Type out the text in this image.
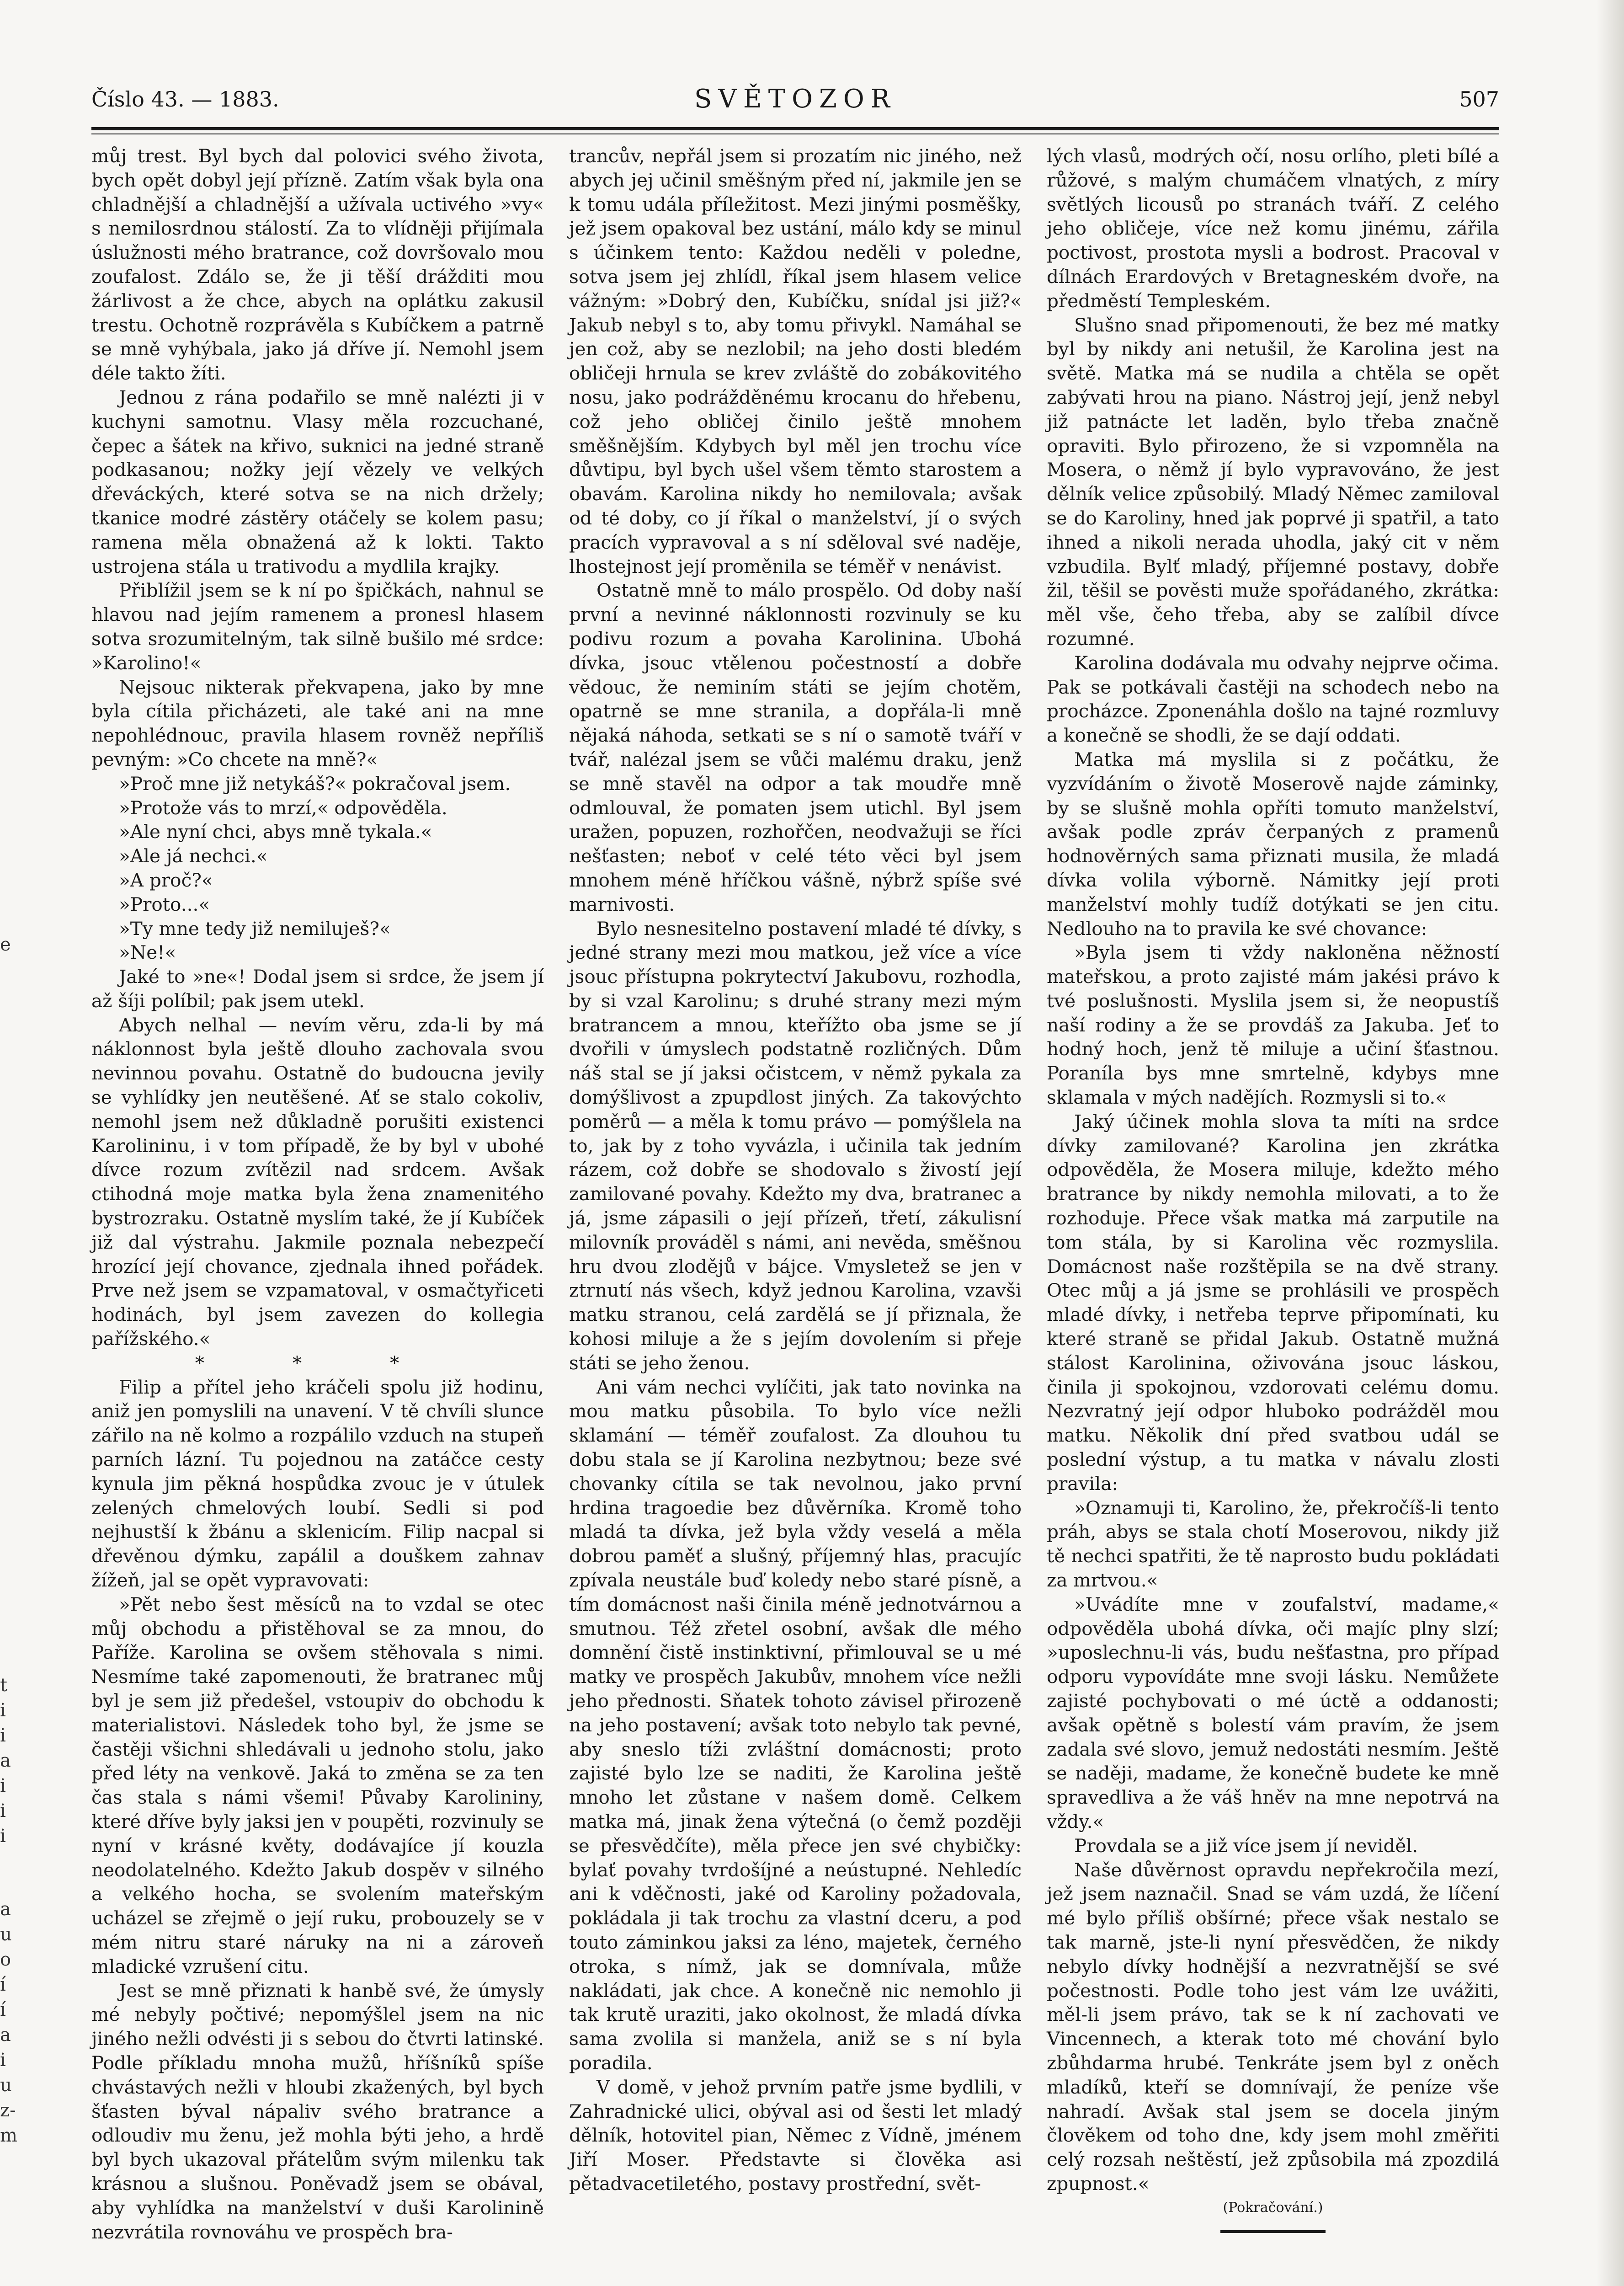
Číslo 43. — 1883.	SVĚTOZOR	507

můj trest. Byl bych dal polovici svého života, bych opět dobyl její přízně. Zatím však byla ona chladnější a chladnější a užívala uctivého »vy« s nemilosrdnou stálostí. Za to vlídněji přijímala úslužnosti mého bratrance, což dovršovalo mou zoufalost. Zdálo se, že ji těší drážditi mou žárlivost a že chce, abych na oplátku zakusil trestu. Ochotně rozprávěla s Kubíčkem a patrně se mně vyhýbala, jako já dříve jí. Nemohl jsem déle takto žíti.

Jednou z rána podařilo se mně nalézti ji v kuchyni samotnu. Vlasy měla rozcuchané, čepec a šátek na křivo, suknici na jedné straně podkasanou; nožky její vězely ve velkých dřeváckých, které sotva se na nich držely; tkanice modré zástěry otáčely se kolem pasu; ramena měla obnažená až k lokti. Takto ustrojena stála u trativodu a mydlila krajky.

Přiblížil jsem se k ní po špičkách, nahnul se hlavou nad jejím ramenem a pronesl hlasem sotva srozumitelným, tak silně bušilo mé srdce: »Karolino!«

Nejsouc nikterak překvapena, jako by mne byla cítila přicházeti, ale také ani na mne nepohlédnouc, pravila hlasem rovněž nepříliš pevným: »Co chcete na mně?«

»Proč mne již netykáš?« pokračoval jsem.

»Protože vás to mrzí,« odpověděla.

»Ale nyní chci, abys mně tykala.«

»Ale já nechci.«

»A proč?«

»Proto...«

»Ty mne tedy již nemiluješ?«

»Ne!«

Jaké to »ne«! Dodal jsem si srdce, že jsem jí až šíji políbil; pak jsem utekl.

Abych nelhal — nevím věru, zda-li by má náklonnost byla ještě dlouho zachovala svou nevinnou povahu. Ostatně do budoucna jevily se vyhlídky jen neutěšené. Ať se stalo cokoliv, nemohl jsem než důkladně porušiti existenci Karolininu, i v tom případě, že by byl v ubohé dívce rozum zvítězil nad srdcem. Avšak ctihodná moje matka byla žena znamenitého bystrozraku. Ostatně myslím také, že jí Kubíček již dal výstrahu. Jakmile poznala nebezpečí hrozící její chovance, zjednala ihned pořádek. Prve než jsem se vzpamatoval, v osmačtyřiceti hodinách, byl jsem zavezen do kollegia pařížského.«

* * *

Filip a přítel jeho kráčeli spolu již hodinu, aniž jen pomyslili na unavení. V tě chvíli slunce zářilo na ně kolmo a rozpálilo vzduch na stupeň parních lázní. Tu pojednou na zatáčce cesty kynula jim pěkná hospůdka zvouc je v útulek zelených chmelových loubí. Sedli si pod nejhustší k žbánu a sklenicím. Filip nacpal si dřevěnou dýmku, zapálil a douškem zahnav žížeň, jal se opět vypravovati:

»Pět nebo šest měsíců na to vzdal se otec můj obchodu a přistěhoval se za mnou, do Paříže. Karolina se ovšem stěhovala s nimi. Nesmíme také zapomenouti, že bratranec můj byl je sem již předešel, vstoupiv do obchodu k materialistovi. Následek toho byl, že jsme se častěji všichni shledávali u jednoho stolu, jako před léty na venkově. Jaká to změna se za ten čas stala s námi všemi! Půvaby Karolininy, které dříve byly jaksi jen v poupěti, rozvinuly se nyní v krásné květy, dodávajíce jí kouzla neodolatelného. Kdežto Jakub dospěv v silného a velkého hocha, se svolením mateřským ucházel se zřejmě o její ruku, probouzely se v mém nitru staré náruky na ni a zároveň mladické vzrušení citu.

Jest se mně přiznati k hanbě své, že úmysly mé nebyly počtivé; nepomýšlel jsem na nic jiného nežli odvésti ji s sebou do čtvrti latinské. Podle příkladu mnoha mužů, hříšníků spíše chvástavých nežli v hloubi zkažených, byl bych šťasten býval nápaliv svého bratrance a odloudiv mu ženu, jež mohla býti jeho, a hrdě byl bych ukazoval přátelům svým milenku tak krásnou a slušnou. Poněvadž jsem se obával, aby vyhlídka na manželství v duši Karolinině nezvrátila rovnováhu ve prospěch bra-

trancův, nepřál jsem si prozatím nic jiného, než abych jej učinil směšným před ní, jakmile jen se k tomu udála příležitost. Mezi jinými posměšky, jež jsem opakoval bez ustání, málo kdy se minul s účinkem tento: Každou neděli v poledne, sotva jsem jej zhlídl, říkal jsem hlasem velice vážným: »Dobrý den, Kubíčku, snídal jsi již?« Jakub nebyl s to, aby tomu přivykl. Namáhal se jen což, aby se nezlobil; na jeho dosti bledém obličeji hrnula se krev zvláště do zobákovitého nosu, jako podrážděnému krocanu do hřebenu, což jeho obličej činilo ještě mnohem směšnějším. Kdybych byl měl jen trochu více důvtipu, byl bych ušel všem těmto starostem a obavám. Karolina nikdy ho nemilovala; avšak od té doby, co jí říkal o manželství, jí o svých pracích vypravoval a s ní sděloval své naděje, lhostejnost její proměnila se téměř v nenávist.

Ostatně mně to málo prospělo. Od doby naší první a nevinné náklonnosti rozvinuly se ku podivu rozum a povaha Karolinina. Ubohá dívka, jsouc vtělenou počestností a dobře vědouc, že neminím státi se jejím chotěm, opatrně se mne stranila, a dopřála-li mně nějaká náhoda, setkati se s ní o samotě tváří v tvář, nalézal jsem se vůči malému draku, jenž se mně stavěl na odpor a tak moudře mně odmlouval, že pomaten jsem utichl. Byl jsem uražen, popuzen, rozhořčen, neodvažuji se říci nešťasten; neboť v celé této věci byl jsem mnohem méně hříčkou vášně, nýbrž spíše své marnivosti.

Bylo nesnesitelno postavení mladé té dívky, s jedné strany mezi mou matkou, jež více a více jsouc přístupna pokrytectví Jakubovu, rozhodla, by si vzal Karolinu; s druhé strany mezi mým bratrancem a mnou, kteřížto oba jsme se jí dvořili v úmyslech podstatně rozličných. Dům náš stal se jí jaksi očistcem, v němž pykala za domýšlivost a zpupdlost jiných. Za takovýchto poměrů — a měla k tomu právo — pomýšlela na to, jak by z toho vyvázla, i učinila tak jedním rázem, což dobře se shodovalo s živostí její zamilované povahy. Kdežto my dva, bratranec a já, jsme zápasili o její přízeň, třetí, zákulisní milovník prováděl s námi, ani nevěda, směšnou hru dvou zlodějů v bájce. Vmysletež se jen v ztrnutí nás všech, když jednou Karolina, vzavši matku stranou, celá zardělá se jí přiznala, že kohosi miluje a že s jejím dovolením si přeje státi se jeho ženou.

Ani vám nechci vylíčiti, jak tato novinka na mou matku působila. To bylo více nežli sklamání — téměř zoufalost. Za dlouhou tu dobu stala se jí Karolina nezbytnou; beze své chovanky cítila se tak nevolnou, jako první hrdina tragoedie bez důvěrníka. Kromě toho mladá ta dívka, jež byla vždy veselá a měla dobrou paměť a slušný, příjemný hlas, pracujíc zpívala neustále buď koledy nebo staré písně, a tím domácnost naši činila méně jednotvárnou a smutnou. Též zřetel osobní, avšak dle mého domnění čistě instinktivní, přimlouval se u mé matky ve prospěch Jakubův, mnohem více nežli jeho přednosti. Sňatek tohoto závisel přirozeně na jeho postavení; avšak toto nebylo tak pevné, aby sneslo tíži zvláštní domácnosti; proto zajisté bylo lze se naditi, že Karolina ještě mnoho let zůstane v našem domě. Celkem matka má, jinak žena výtečná (o čemž později se přesvědčíte), měla přece jen své chybičky: bylať povahy tvrdošíjné a neústupné. Nehledíc ani k vděčnosti, jaké od Karoliny požadovala, pokládala ji tak trochu za vlastní dceru, a pod touto záminkou jaksi za léno, majetek, černého otroka, s nímž, jak se domnívala, může nakládati, jak chce. A konečně nic nemohlo ji tak krutě uraziti, jako okolnost, že mladá dívka sama zvolila si manžela, aniž se s ní byla poradila.

V domě, v jehož prvním patře jsme bydlili, v Zahradnické ulici, obýval asi od šesti let mladý dělník, hotovitel pian, Němec z Vídně, jménem Jiří Moser. Představte si člověka asi pětadvacetiletého, postavy prostřední, svět-

lých vlasů, modrých očí, nosu orlího, pleti bílé a růžové, s malým chumáčem vlnatých, z míry světlých licousů po stranách tváří. Z celého jeho obličeje, více než komu jinému, zářila poctivost, prostota mysli a bodrost. Pracoval v dílnách Erardových v Bretagneském dvoře, na předměstí Templeském.

Slušno snad připomenouti, že bez mé matky byl by nikdy ani netušil, že Karolina jest na světě. Matka má se nudila a chtěla se opět zabývati hrou na piano. Nástroj její, jenž nebyl již patnácte let laděn, bylo třeba značně opraviti. Bylo přirozeno, že si vzpomněla na Mosera, o němž jí bylo vypravováno, že jest dělník velice způsobilý. Mladý Němec zamiloval se do Karoliny, hned jak poprvé ji spatřil, a tato ihned a nikoli nerada uhodla, jaký cit v něm vzbudila. Bylť mladý, příjemné postavy, dobře žil, těšil se pověsti muže spořádaného, zkrátka: měl vše, čeho třeba, aby se zalíbil dívce rozumné.

Karolina dodávala mu odvahy nejprve očima. Pak se potkávali častěji na schodech nebo na procházce. Zponenáhla došlo na tajné rozmluvy a konečně se shodli, že se dají oddati.

Matka má myslila si z počátku, že vyzvídáním o životě Moserově najde záminky, by se slušně mohla opříti tomuto manželství, avšak podle zpráv čerpaných z pramenů hodnověrných sama přiznati musila, že mladá dívka volila výborně. Námitky její proti manželství mohly tudíž dotýkati se jen citu. Nedlouho na to pravila ke své chovance:

»Byla jsem ti vždy nakloněna něžností mateřskou, a proto zajisté mám jakési právo k tvé poslušnosti. Myslila jsem si, že neopustíš naší rodiny a že se provdáš za Jakuba. Jeť to hodný hoch, jenž tě miluje a učiní šťastnou. Poraníla bys mne smrtelně, kdybys mne sklamala v mých nadějích. Rozmysli si to.«

Jaký účinek mohla slova ta míti na srdce dívky zamilované? Karolina jen zkrátka odpověděla, že Mosera miluje, kdežto mého bratrance by nikdy nemohla milovati, a to že rozhoduje. Přece však matka má zarputile na tom stála, by si Karolina věc rozmyslila. Domácnost naše rozštěpila se na dvě strany. Otec můj a já jsme se prohlásili ve prospěch mladé dívky, i netřeba teprve připomínati, ku které straně se přidal Jakub. Ostatně mužná stálost Karolinina, oživována jsouc láskou, činila ji spokojnou, vzdorovati celému domu. Nezvratný její odpor hluboko podrážděl mou matku. Několik dní před svatbou udál se poslední výstup, a tu matka v návalu zlosti pravila:

»Oznamuji ti, Karolino, že, překročíš-li tento práh, abys se stala chotí Moserovou, nikdy již tě nechci spatřiti, že tě naprosto budu pokládati za mrtvou.«

»Uvádíte mne v zoufalství, madame,« odpověděla ubohá dívka, oči majíc plny slzí; »uposlechnu-li vás, budu nešťastna, pro případ odporu vypovídáte mne svoji lásku. Nemůžete zajisté pochybovati o mé úctě a oddanosti; avšak opětně s bolestí vám pravím, že jsem zadala své slovo, jemuž nedostáti nesmím. Ještě se naději, madame, že konečně budete ke mně spravedliva a že váš hněv na mne nepotrvá na vždy.«

Provdala se a již více jsem jí neviděl.

Naše důvěrnost opravdu nepřekročila mezí, jež jsem naznačil. Snad se vám uzdá, že líčení mé bylo příliš obšírné; přece však nestalo se tak marně, jste-li nyní přesvědčen, že nikdy nebylo dívky hodnější a nezvratnější se své počestnosti. Podle toho jest vám lze uvážiti, měl-li jsem právo, tak se k ní zachovati ve Vincennech, a kterak toto mé chování bylo zbůhdarma hrubé. Tenkráte jsem byl z oněch mladíků, kteří se domnívají, že peníze vše nahradí. Avšak stal jsem se docela jiným člověkem od toho dne, kdy jsem mohl změřiti celý rozsah neštěstí, jež způsobila má zpozdilá zpupnost.«

(Pokračování.)

e
t
i
i
a
i
i
i
a
u
o
í
í
a
i
u
z-
m
